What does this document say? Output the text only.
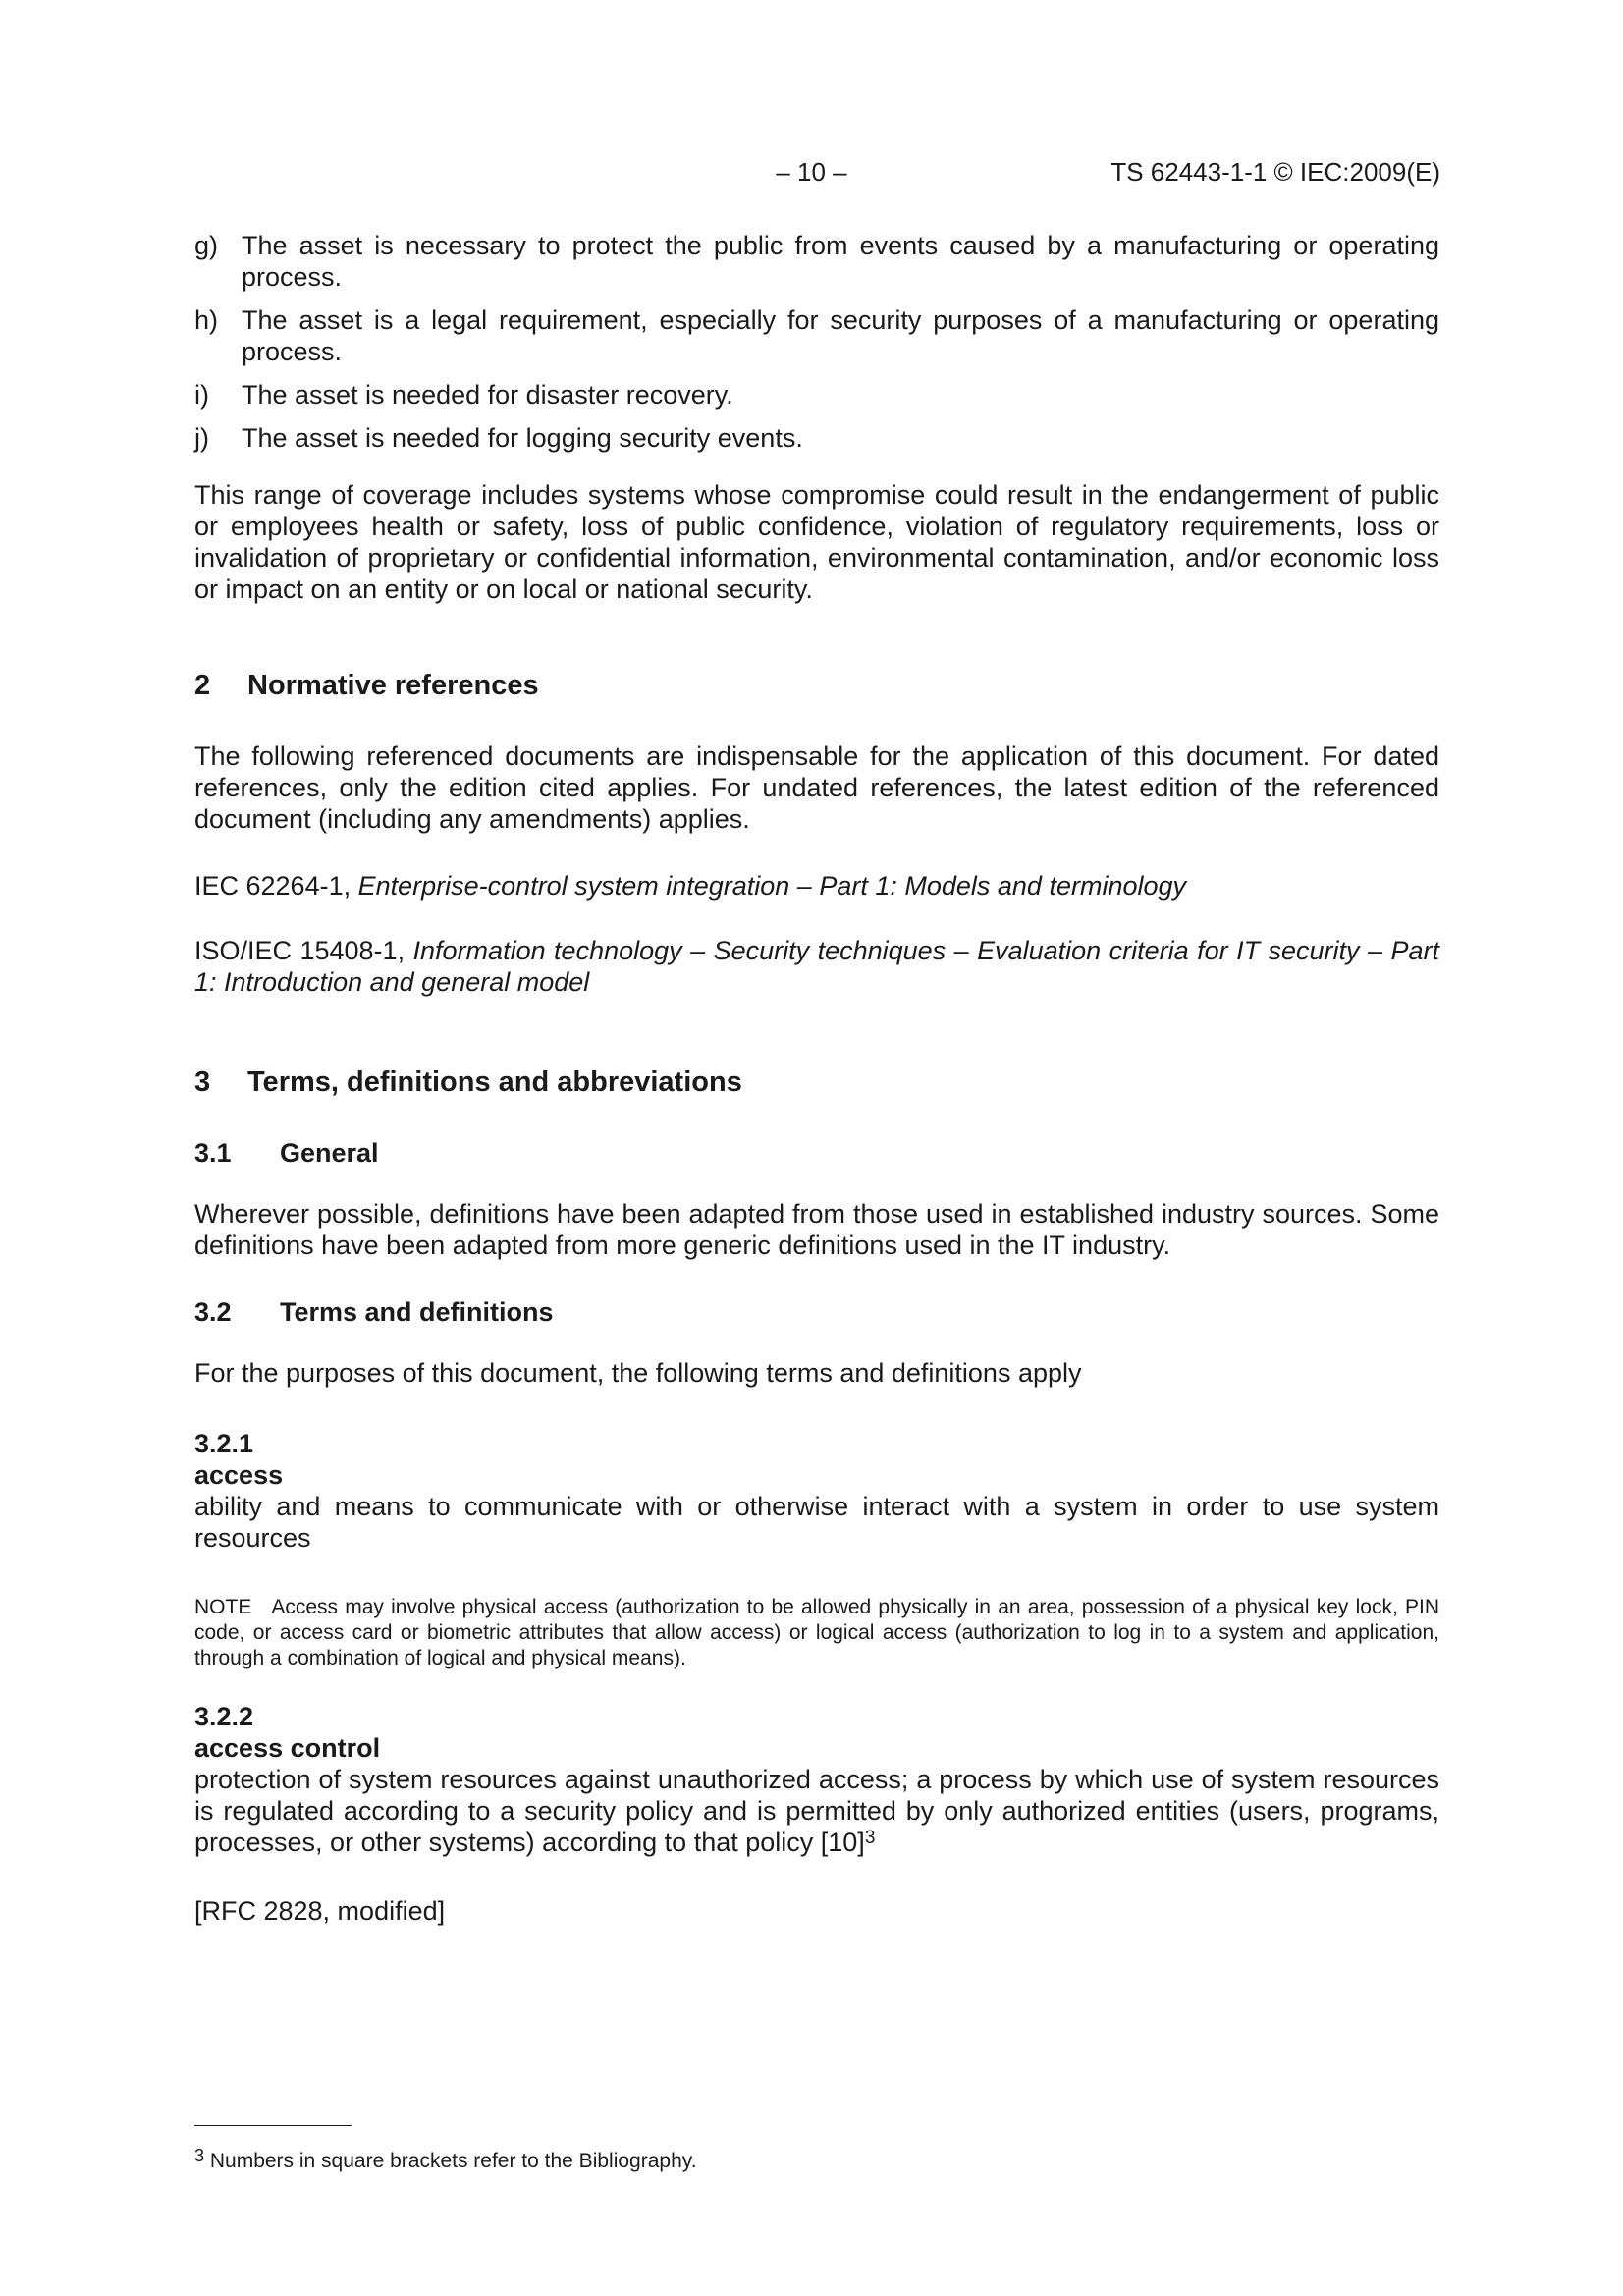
– 10 –	TS 62443-1-1 © IEC:2009(E)
g) The asset is necessary to protect the public from events caused by a manufacturing or operating process.
h) The asset is a legal requirement, especially for security purposes of a manufacturing or operating process.
i) The asset is needed for disaster recovery.
j) The asset is needed for logging security events.

This range of coverage includes systems whose compromise could result in the endangerment of public or employees health or safety, loss of public confidence, violation of regulatory requirements, loss or invalidation of proprietary or confidential information, environmental contamination, and/or economic loss or impact on an entity or on local or national security.

2	Normative references

The following referenced documents are indispensable for the application of this document. For dated references, only the edition cited applies. For undated references, the latest edition of the referenced document (including any amendments) applies.

IEC 62264-1, Enterprise-control system integration – Part 1: Models and terminology

ISO/IEC 15408-1, Information technology – Security techniques – Evaluation criteria for IT security – Part 1: Introduction and general model

3	Terms, definitions and abbreviations
3.1	General

Wherever possible, definitions have been adapted from those used in established industry sources. Some definitions have been adapted from more generic definitions used in the IT industry.

3.2	Terms and definitions

For the purposes of this document, the following terms and definitions apply

3.2.1
access

ability and means to communicate with or otherwise interact with a system in order to use system resources

NOTE Access may involve physical access (authorization to be allowed physically in an area, possession of a physical key lock, PIN code, or access card or biometric attributes that allow access) or logical access (authorization to log in to a system and application, through a combination of logical and physical means).

3.2.2
access control

protection of system resources against unauthorized access; a process by which use of system resources is regulated according to a security policy and is permitted by only authorized entities (users, programs, processes, or other systems) according to that policy $[10]^3$

[RFC 2828, modified]

$^3$ Numbers in square brackets refer to the Bibliography.
